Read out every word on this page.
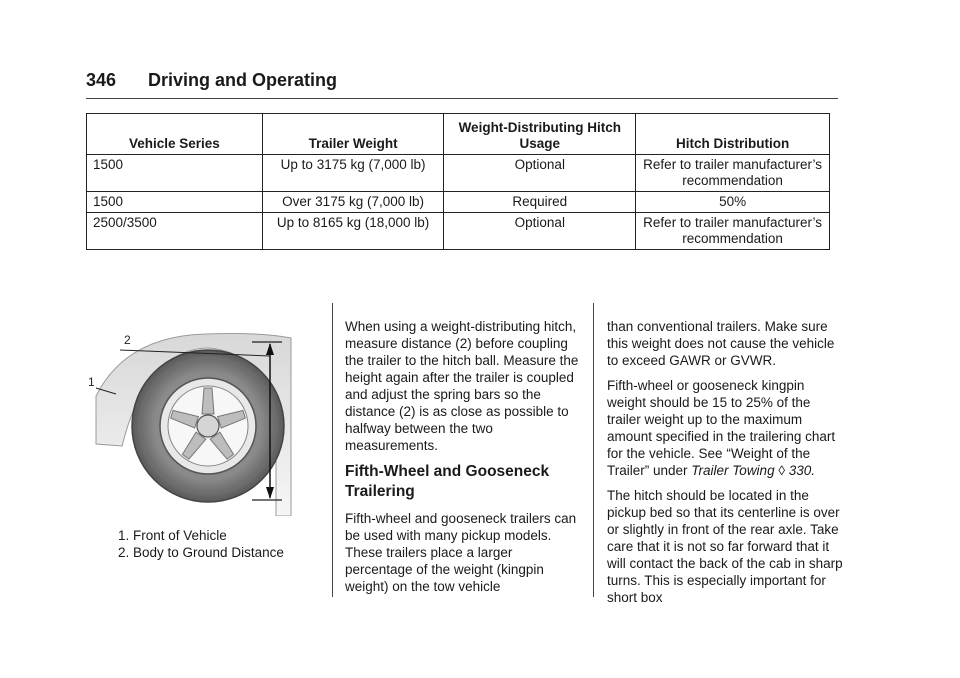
346 Driving and Operating
Vehicle Series	Trailer Weight	Weight-Distributing Hitch Usage	Hitch Distribution
1500	Up to 3175 kg (7,000 lb)	Optional	Refer to trailer manufacturer’s recommendation
1500	Over 3175 kg (7,000 lb)	Required	50%
2500/3500	Up to 8165 kg (18,000 lb)	Optional	Refer to trailer manufacturer’s recommendation
2
1
1. Front of Vehicle
2. Body to Ground Distance

When using a weight-distributing hitch, measure distance (2) before coupling the trailer to the hitch ball. Measure the height again after the trailer is coupled and adjust the spring bars so the distance (2) is as close as possible to halfway between the two measurements.

Fifth-Wheel and Gooseneck Trailering

Fifth-wheel and gooseneck trailers can be used with many pickup models. These trailers place a larger percentage of the weight (kingpin weight) on the tow vehicle

than conventional trailers. Make sure this weight does not cause the vehicle to exceed GAWR or GVWR.

Fifth-wheel or gooseneck kingpin weight should be 15 to 25% of the trailer weight up to the maximum amount specified in the trailering chart for the vehicle. See “Weight of the Trailer” under Trailer Towing ◊ 330.

The hitch should be located in the pickup bed so that its centerline is over or slightly in front of the rear axle. Take care that it is not so far forward that it will contact the back of the cab in sharp turns. This is especially important for short box
